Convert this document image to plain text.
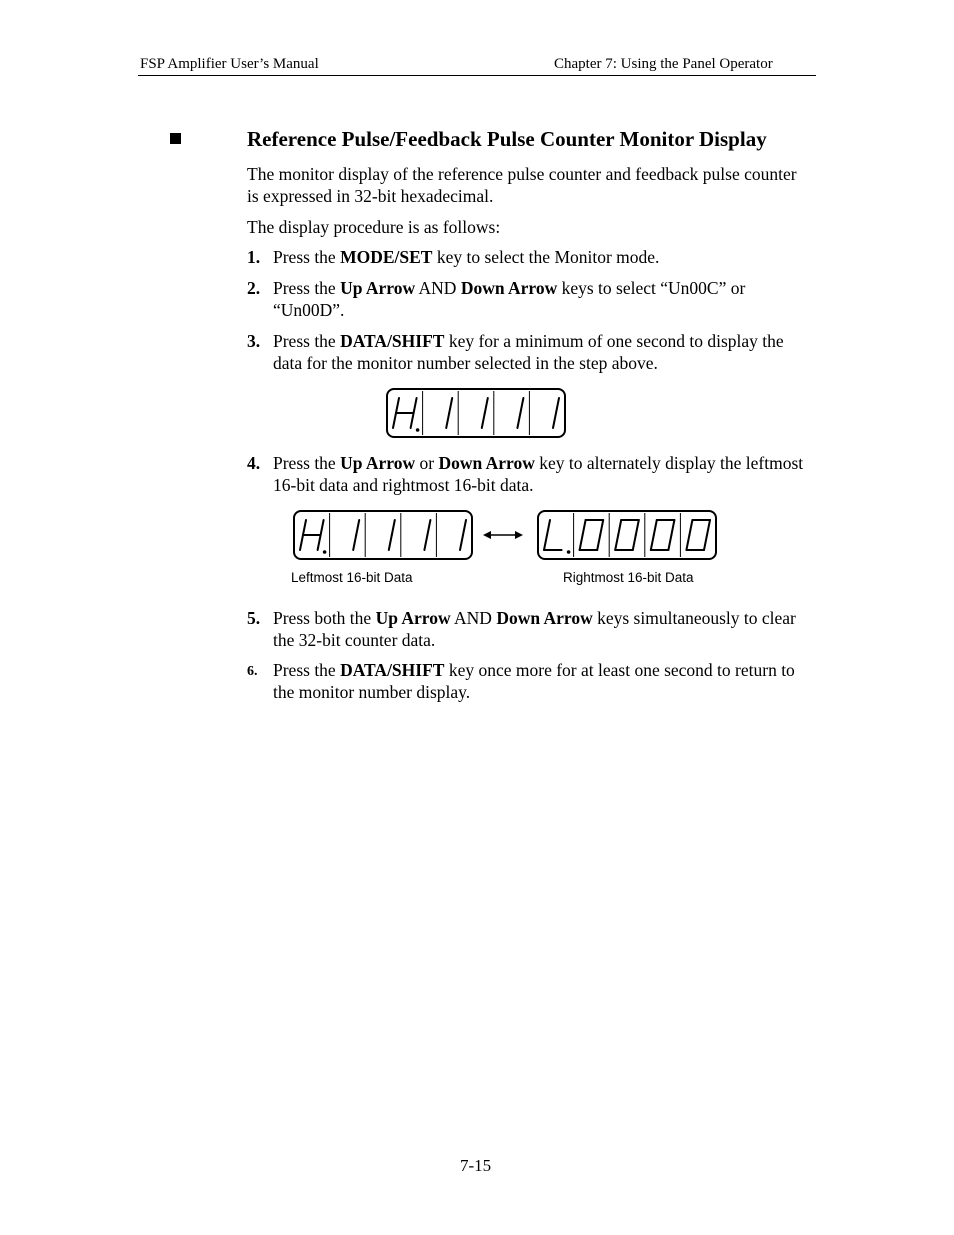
FSP Amplifier User’s Manual	Chapter 7: Using the Panel Operator
Reference Pulse/Feedback Pulse Counter Monitor Display
The monitor display of the reference pulse counter and feedback pulse counter is expressed in 32-bit hexadecimal.
The display procedure is as follows:
1. Press the MODE/SET key to select the Monitor mode.
2. Press the Up Arrow AND Down Arrow keys to select “Un00C” or “Un00D”.
3. Press the DATA/SHIFT key for a minimum of one second to display the data for the monitor number selected in the step above.
4. Press the Up Arrow or Down Arrow key to alternately display the leftmost 16-bit data and rightmost 16-bit data.
Leftmost 16-bit Data	Rightmost 16-bit Data
5. Press both the Up Arrow AND Down Arrow keys simultaneously to clear the 32-bit counter data.
6. Press the DATA/SHIFT key once more for at least one second to return to the monitor number display.
7-15
